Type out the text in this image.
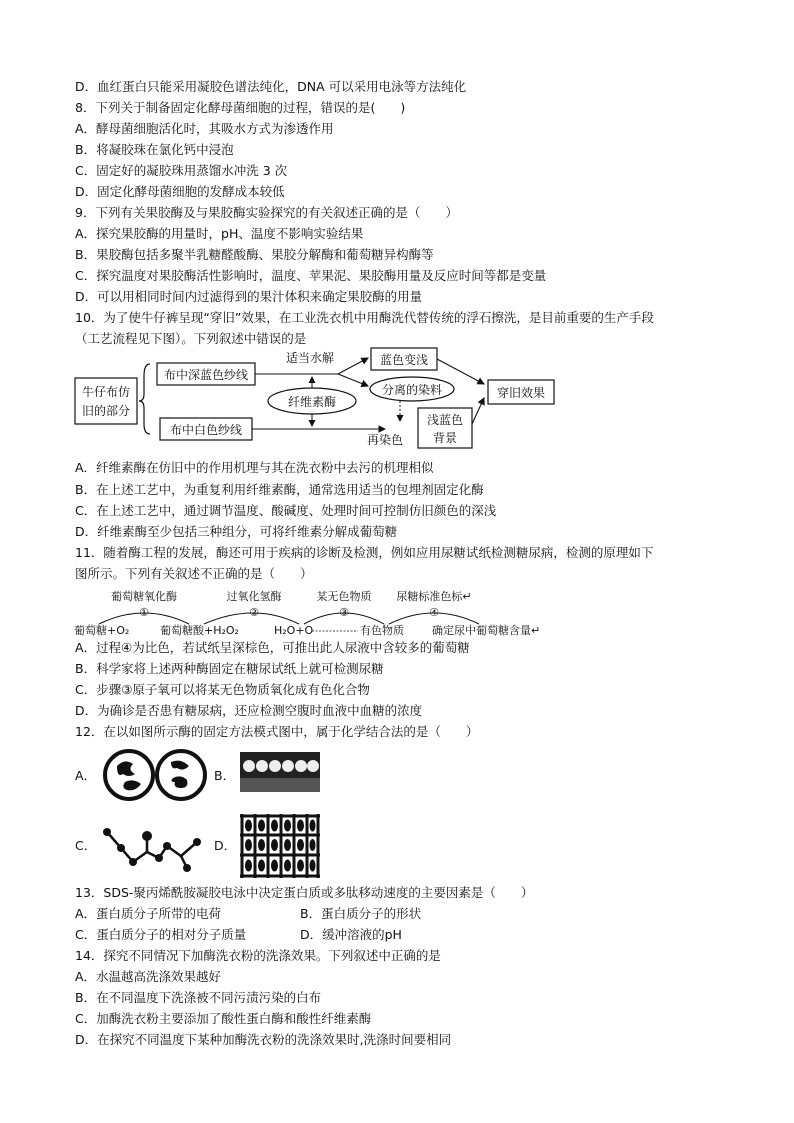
D．血红蛋白只能采用凝胶色谱法纯化，DNA 可以采用电泳等方法纯化
8．下列关于制备固定化酵母菌细胞的过程，错误的是(　　)
A．酵母菌细胞活化时，其吸水方式为渗透作用
B．将凝胶珠在氯化钙中浸泡
C．固定好的凝胶珠用蒸馏水冲洗 3 次
D．固定化酵母菌细胞的发酵成本较低
9．下列有关果胶酶及与果胶酶实验探究的有关叙述正确的是（　　）
A．探究果胶酶的用量时，pH、温度不影响实验结果
B．果胶酶包括多聚半乳糖醛酸酶、果胶分解酶和葡萄糖异构酶等
C．探究温度对果胶酶活性影响时，温度、苹果泥、果胶酶用量及反应时间等都是变量
D．可以用相同时间内过滤得到的果汁体积来确定果胶酶的用量
10．为了使牛仔裤呈现“穿旧”效果，在工业洗衣机中用酶洗代替传统的浮石擦洗，是目前重要的生产手段
（工艺流程见下图）。下列叙述中错误的是
牛仔布仿
旧的部分
布中深蓝色纱线
布中白色纱线
适当水解
纤维素酶
蓝色变浅
分离的染料
再染色
浅蓝色
背景
穿旧效果
A．纤维素酶在仿旧中的作用机理与其在洗衣粉中去污的机理相似
B．在上述工艺中，为重复利用纤维素酶，通常选用适当的包埋剂固定化酶
C．在上述工艺中，通过调节温度、酸碱度、处理时间可控制仿旧颜色的深浅
D．纤维素酶至少包括三种组分，可将纤维素分解成葡萄糖
11．随着酶工程的发展，酶还可用于疾病的诊断及检测，例如应用尿糖试纸检测糖尿病，检测的原理如下
图所示。下列有关叙述不正确的是（　　）
葡萄糖氧化酶	过氧化氢酶	某无色物质 尿糖标准色标↵
①	②	③	④
葡萄糖+O₂	葡萄糖酸+H₂O₂	H₂O+O	有色物质	确定尿中葡萄糖含量↵
A．过程④为比色，若试纸呈深棕色，可推出此人尿液中含较多的葡萄糖
B．科学家将上述两种酶固定在糖尿试纸上就可检测尿糖
C．步骤③原子氧可以将某无色物质氧化成有色化合物
D．为确诊是否患有糖尿病，还应检测空腹时血液中血糖的浓度
12．在以如图所示酶的固定方法模式图中，属于化学结合法的是（　　）
A．	B．
C．	D．
13．SDS-聚丙烯酰胺凝胶电泳中决定蛋白质或多肽移动速度的主要因素是（　　）
A．蛋白质分子所带的电荷	B．蛋白质分子的形状
C．蛋白质分子的相对分子质量	D．缓冲溶液的pH
14．探究不同情况下加酶洗衣粉的洗涤效果。下列叙述中正确的是
A．水温越高洗涤效果越好
B．在不同温度下洗涤被不同污渍污染的白布
C．加酶洗衣粉主要添加了酸性蛋白酶和酸性纤维素酶
D．在探究不同温度下某种加酶洗衣粉的洗涤效果时,洗涤时间要相同
